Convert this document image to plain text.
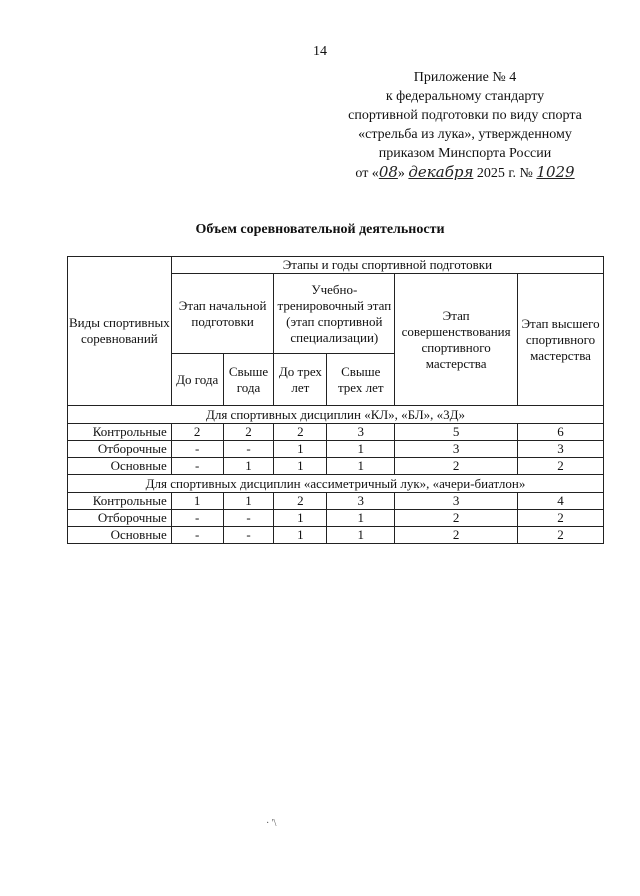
14
Приложение № 4
к федеральному стандарту
спортивной подготовки по виду спорта
«стрельба из лука», утвержденному
приказом Минспорта России
от «08» декабря 2025 г. № 1029
Объем соревновательной деятельности
Виды спортивных соревнований	Этапы и годы спортивной подготовки					
	Этап начальной подготовки		Учебно-тренировочный этап (этап спортивной специализации)		Этап совершенствования спортивного мастерства	Этап высшего спортивного мастерства
	До года	Свыше года	До трех лет	Свыше трех лет		
Для спортивных дисциплин «КЛ», «БЛ», «3Д»						
Контрольные	2	2	2	3	5	6
Отборочные	-	-	1	1	3	3
Основные	-	1	1	1	2	2
Для спортивных дисциплин «ассиметричный лук», «ачери-биатлон»						
Контрольные	1	1	2	3	3	4
Отборочные	-	-	1	1	2	2
Основные	-	-	1	1	2	2
· '\
